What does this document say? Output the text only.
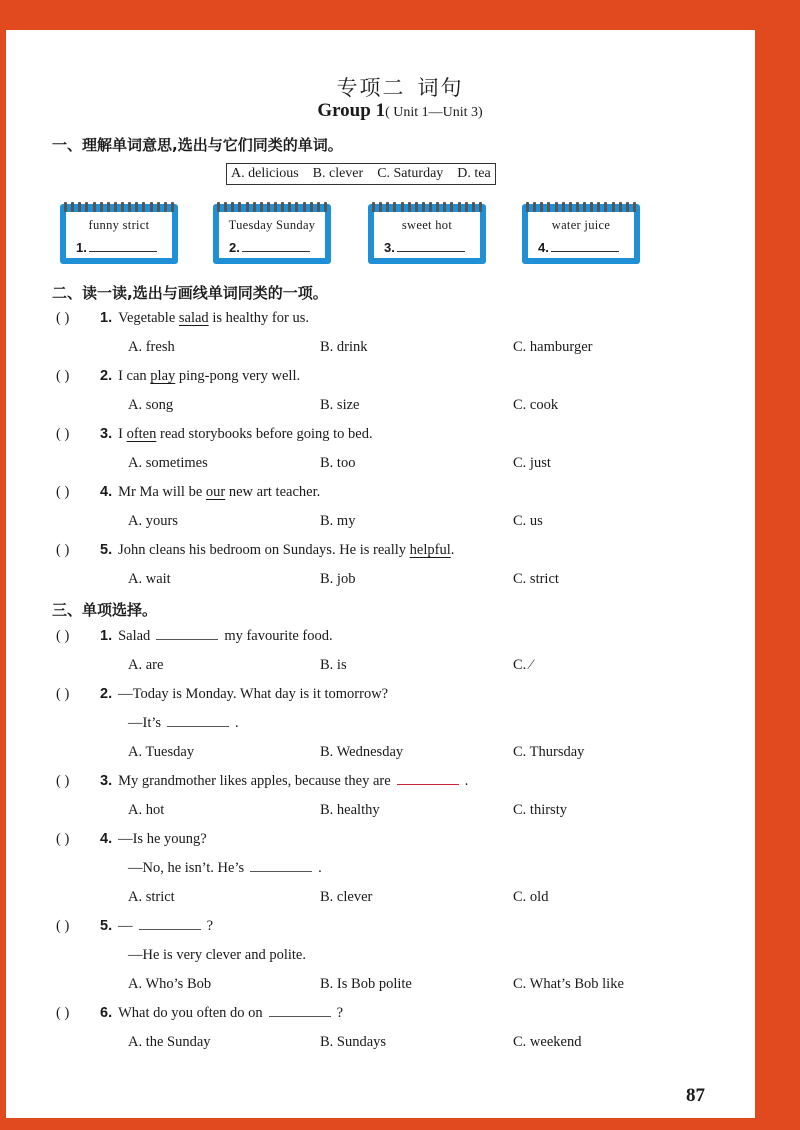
专项二 词句
Group 1( Unit 1—Unit 3)
一、理解单词意思,选出与它们同类的单词。
A. delicious B. clever C. Saturday D. tea
funny strict
1.
Tuesday Sunday
2.
sweet hot
3.
water juice
4.
二、读一读,选出与画线单词同类的一项。
( ) 1. Vegetable salad is healthy for us.
A. fresh	B. drink	C. hamburger
( ) 2. I can play ping-pong very well.
A. song	B. size	C. cook
( ) 3. I often read storybooks before going to bed.
A. sometimes	B. too	C. just
( ) 4. Mr Ma will be our new art teacher.
A. yours	B. my	C. us
( ) 5. John cleans his bedroom on Sundays. He is really helpful.
A. wait	B. job	C. strict
三、单项选择。
( ) 1. Salad	my favourite food.
A. are	B. is	C. ∕
( ) 2. —Today is Monday. What day is it tomorrow?
—It’s	.
A. Tuesday	B. Wednesday	C. Thursday
( ) 3. My grandmother likes apples, because they are	.
A. hot	B. healthy	C. thirsty
( ) 4. —Is he young?
—No, he isn’t. He’s	.
A. strict	B. clever	C. old
( ) 5. —	?
—He is very clever and polite.
A. Who’s Bob	B. Is Bob polite	C. What’s Bob like
( ) 6. What do you often do on	?
A. the Sunday	B. Sundays	C. weekend
87
